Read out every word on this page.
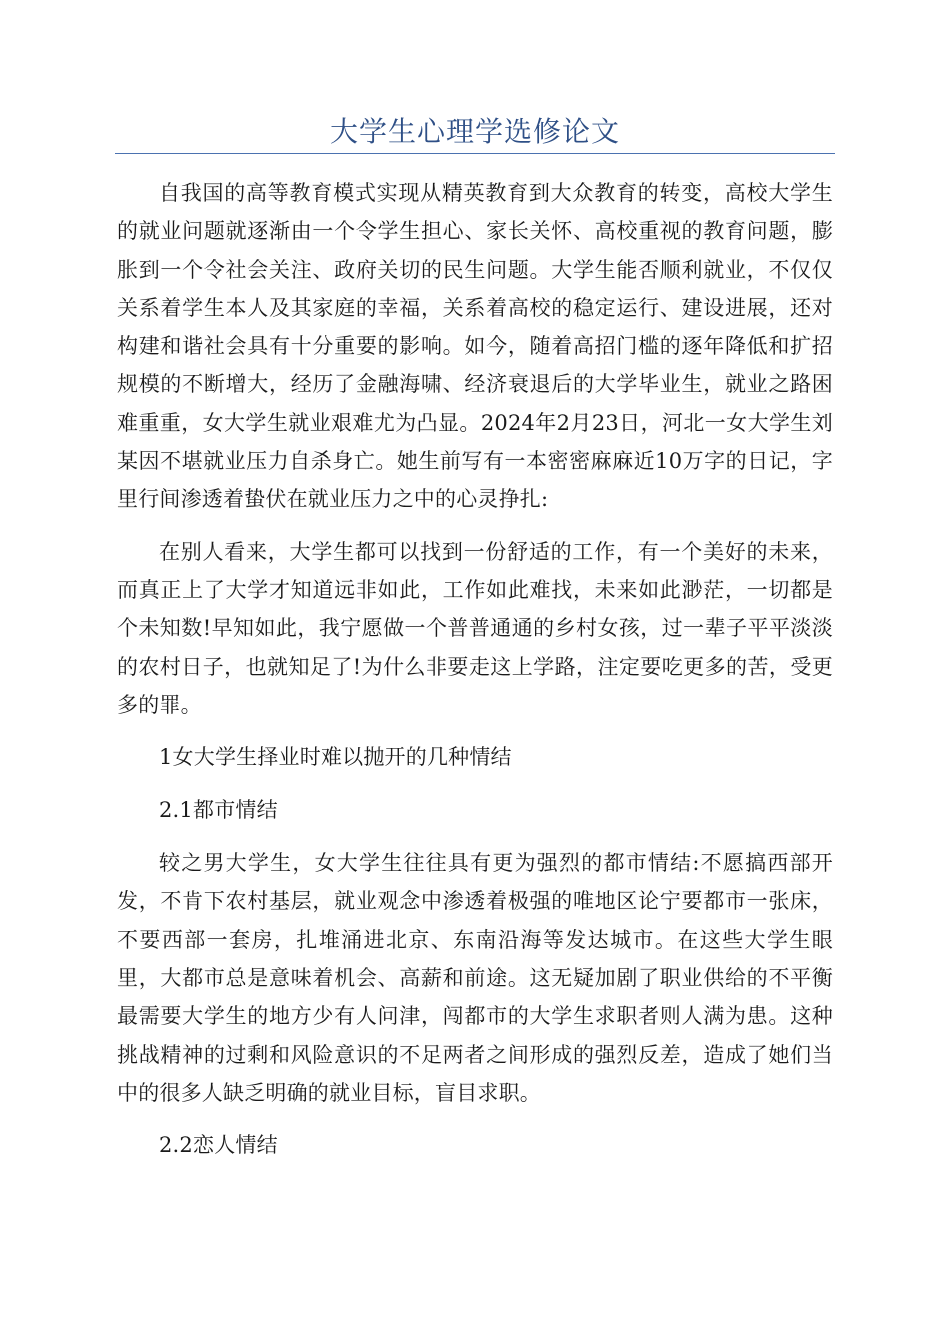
大学生心理学选修论文

自我国的高等教育模式实现从精英教育到大众教育的转变，高校大学生的就业问题就逐渐由一个令学生担心、家长关怀、高校重视的教育问题，膨胀到一个令社会关注、政府关切的民生问题。大学生能否顺利就业，不仅仅关系着学生本人及其家庭的幸福，关系着高校的稳定运行、建设进展，还对构建和谐社会具有十分重要的影响。如今，随着高招门槛的逐年降低和扩招规模的不断增大，经历了金融海啸、经济衰退后的大学毕业生，就业之路困难重重，女大学生就业艰难尤为凸显。2024年2月23日，河北一女大学生刘某因不堪就业压力自杀身亡。她生前写有一本密密麻麻近10万字的日记，字里行间渗透着蛰伏在就业压力之中的心灵挣扎:

在别人看来，大学生都可以找到一份舒适的工作，有一个美好的未来，而真正上了大学才知道远非如此，工作如此难找，未来如此渺茫，一切都是个未知数!早知如此，我宁愿做一个普普通通的乡村女孩，过一辈子平平淡淡的农村日子，也就知足了!为什么非要走这上学路，注定要吃更多的苦，受更多的罪。

1女大学生择业时难以抛开的几种情结

2.1都市情结

较之男大学生，女大学生往往具有更为强烈的都市情结:不愿搞西部开发，不肯下农村基层，就业观念中渗透着极强的唯地区论宁要都市一张床，不要西部一套房，扎堆涌进北京、东南沿海等发达城市。在这些大学生眼里，大都市总是意味着机会、高薪和前途。这无疑加剧了职业供给的不平衡最需要大学生的地方少有人问津，闯都市的大学生求职者则人满为患。这种挑战精神的过剩和风险意识的不足两者之间形成的强烈反差，造成了她们当中的很多人缺乏明确的就业目标，盲目求职。

2.2恋人情结
